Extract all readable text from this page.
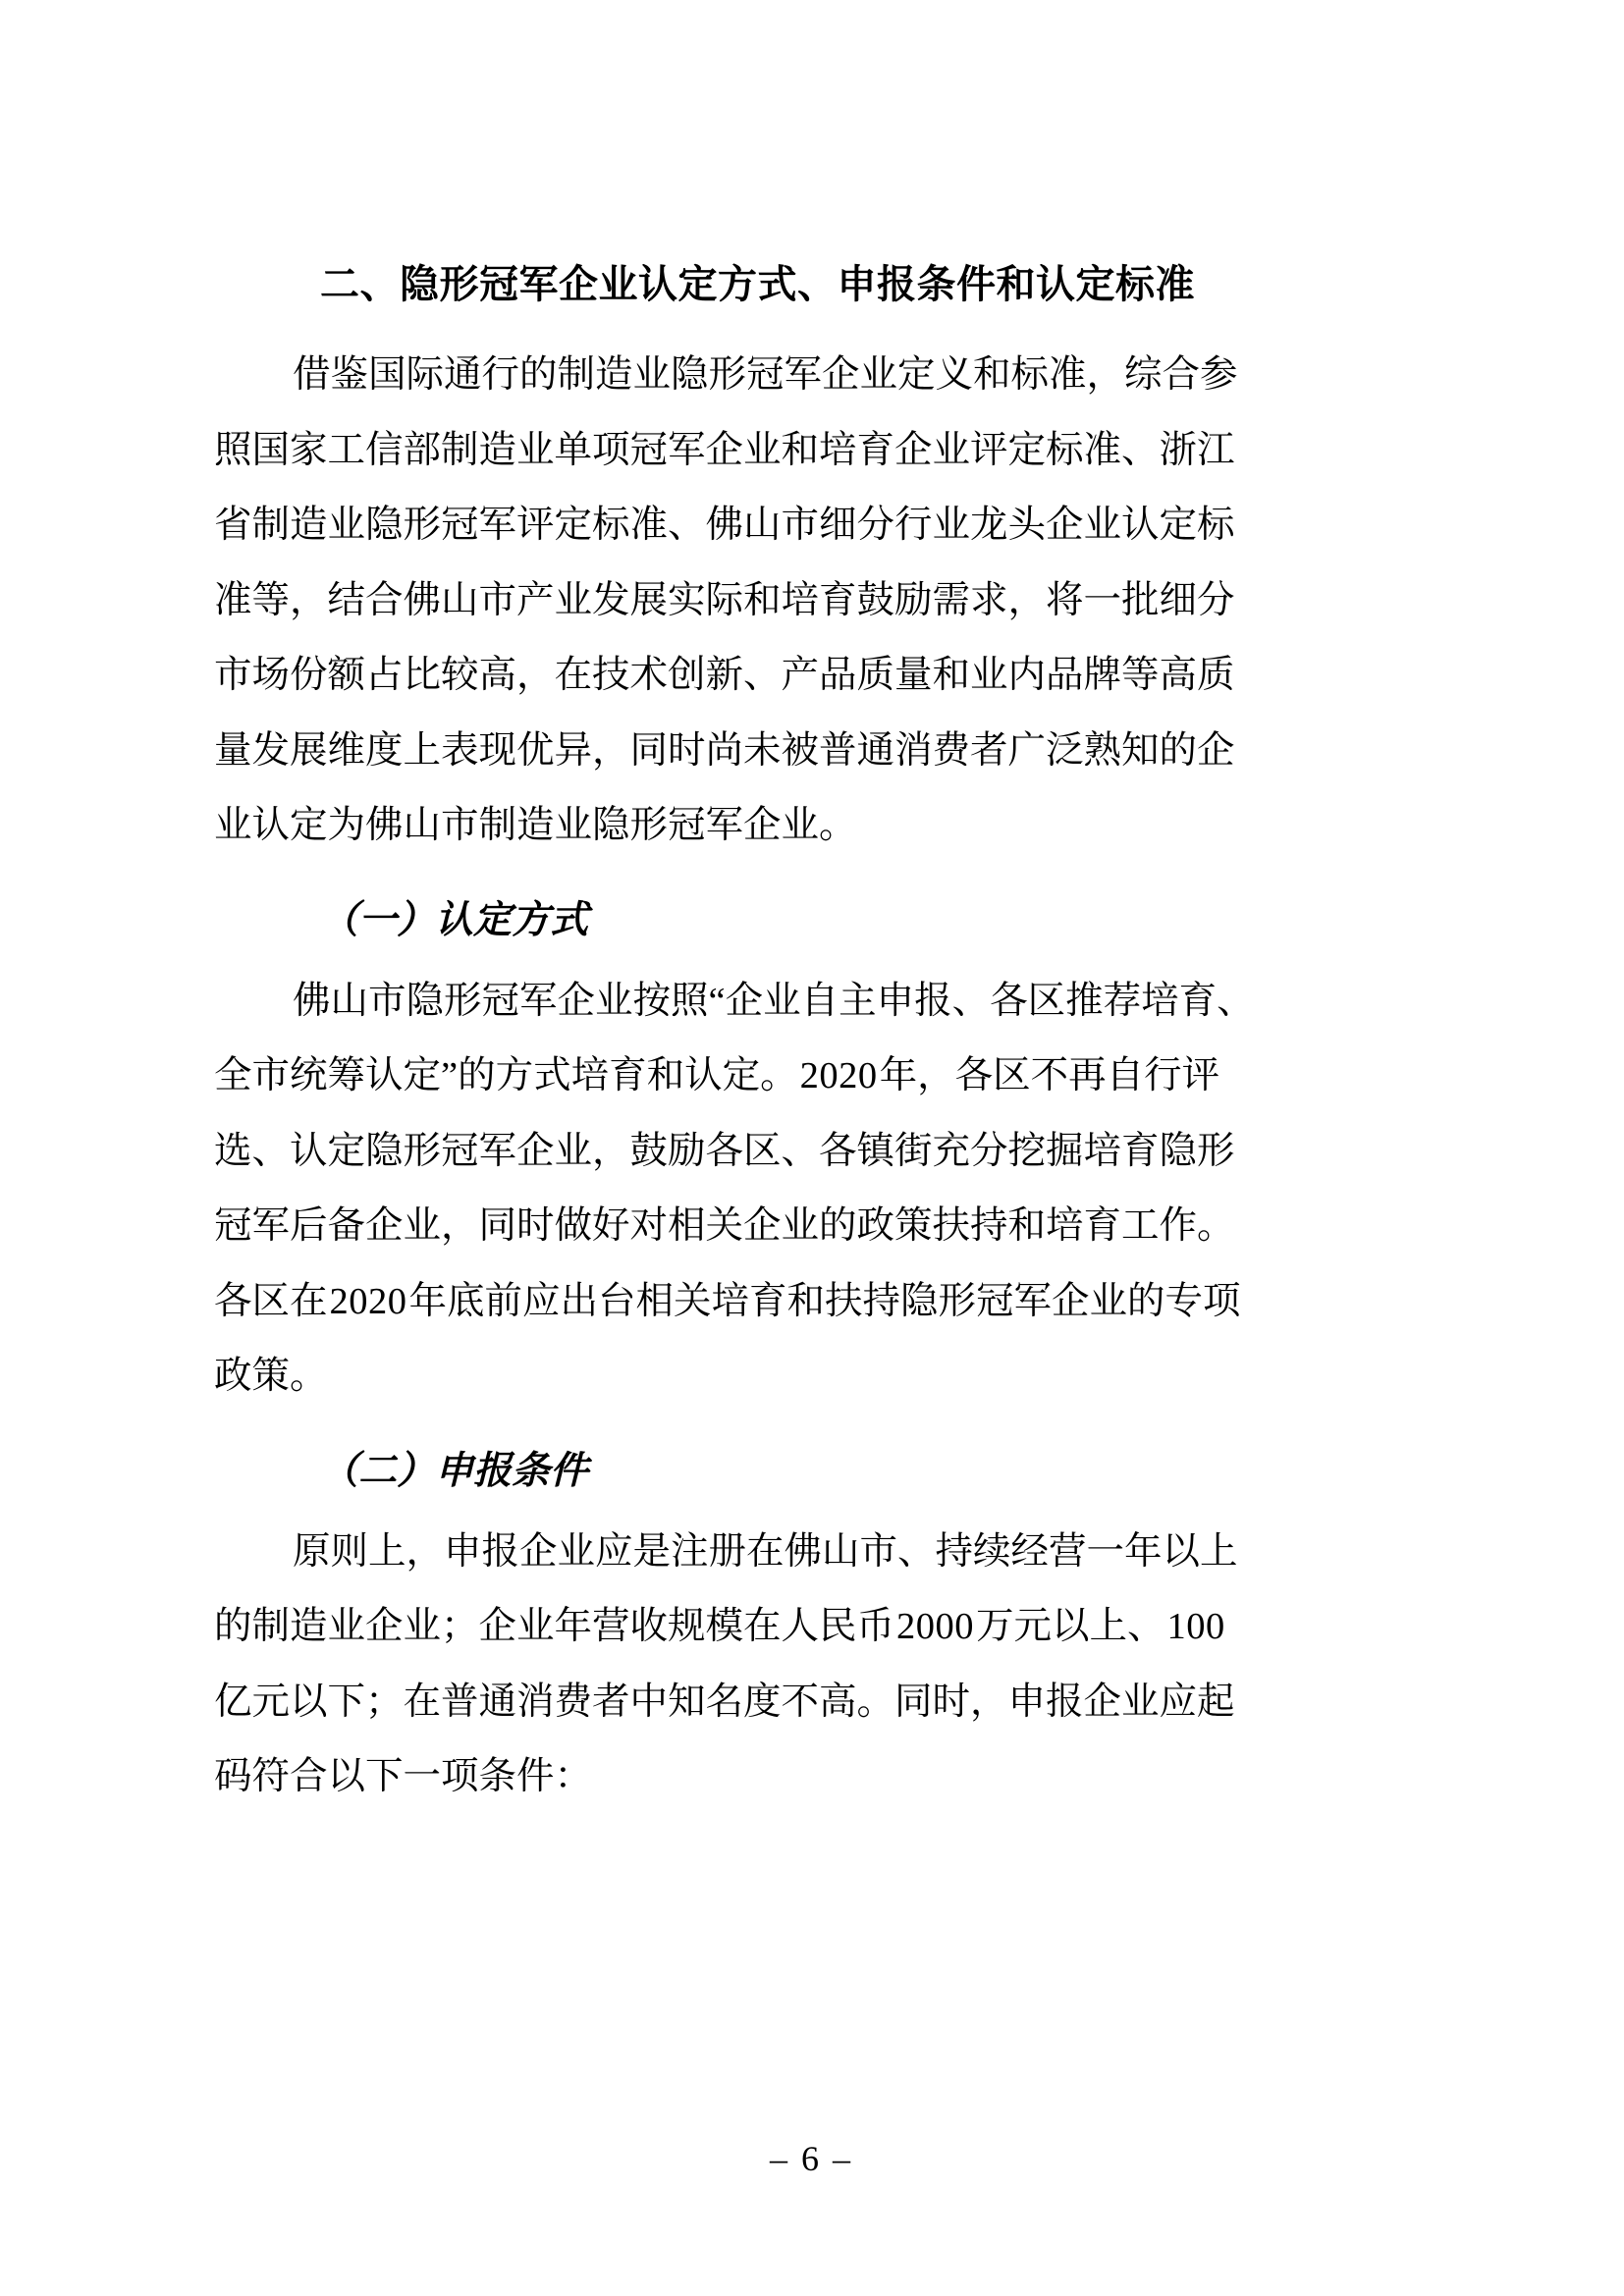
二、隐形冠军企业认定方式、申报条件和认定标准

借鉴国际通行的制造业隐形冠军企业定义和标准，综合参
照国家工信部制造业单项冠军企业和培育企业评定标准、浙江
省制造业隐形冠军评定标准、佛山市细分行业龙头企业认定标
准等，结合佛山市产业发展实际和培育鼓励需求，将一批细分
市场份额占比较高，在技术创新、产品质量和业内品牌等高质
量发展维度上表现优异，同时尚未被普通消费者广泛熟知的企
业认定为佛山市制造业隐形冠军企业。

（一）认定方式

佛山市隐形冠军企业按照“企业自主申报、各区推荐培育、
全市统筹认定”的方式培育和认定。2020年，各区不再自行评
选、认定隐形冠军企业，鼓励各区、各镇街充分挖掘培育隐形
冠军后备企业，同时做好对相关企业的政策扶持和培育工作。
各区在2020年底前应出台相关培育和扶持隐形冠军企业的专项
政策。

（二）申报条件

原则上，申报企业应是注册在佛山市、持续经营一年以上
的制造业企业；企业年营收规模在人民币2000万元以上、100
亿元以下；在普通消费者中知名度不高。同时，申报企业应起
码符合以下一项条件：

– 6 –
